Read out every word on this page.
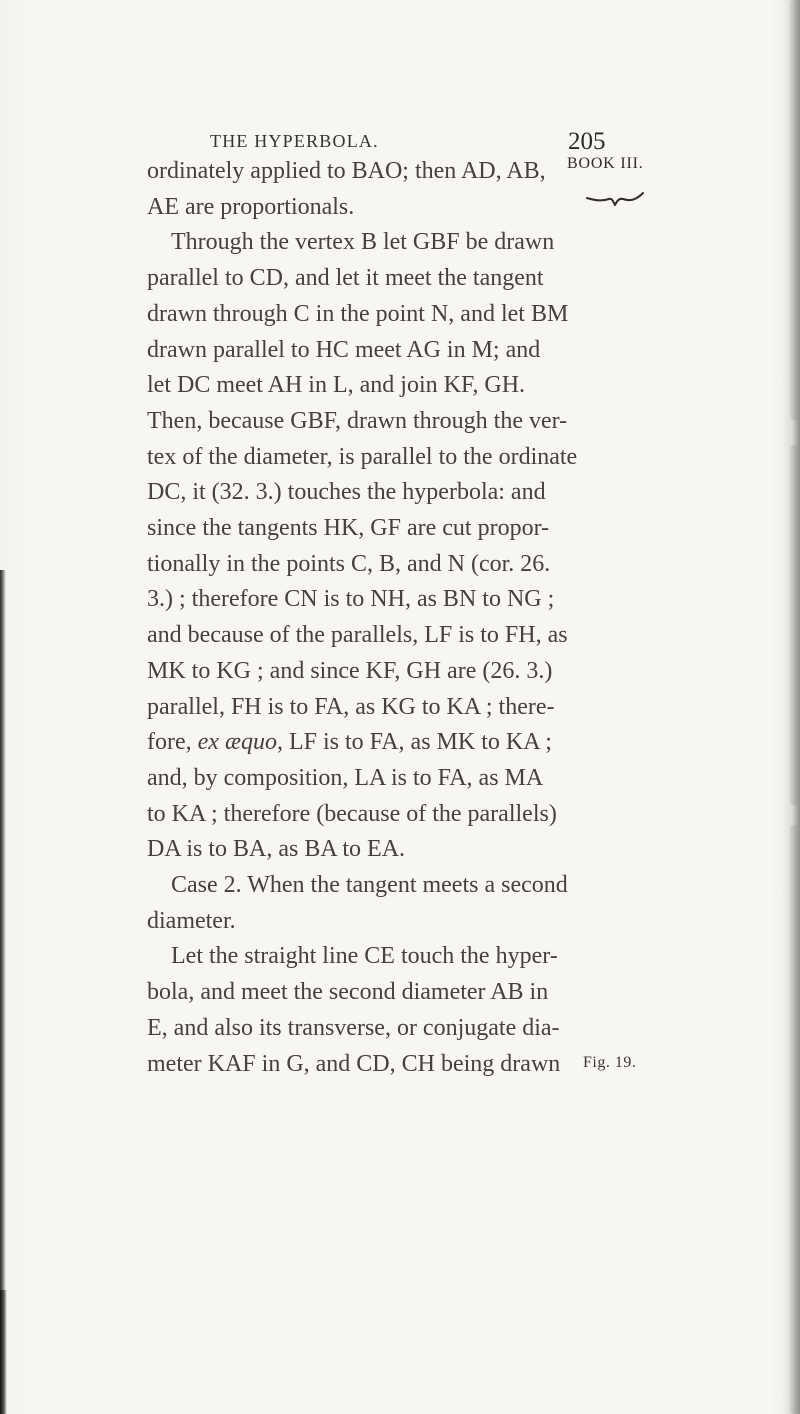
THE HYPERBOLA.	205
BOOK III.
ordinately applied to BAO; then AD, AB,
AE are proportionals.
Through the vertex B let GBF be drawn
parallel to CD, and let it meet the tangent
drawn through C in the point N, and let BM
drawn parallel to HC meet AG in M; and
let DC meet AH in L, and join KF, GH.
Then, because GBF, drawn through the ver-
tex of the diameter, is parallel to the ordinate
DC, it (32. 3.) touches the hyperbola: and
since the tangents HK, GF are cut propor-
tionally in the points C, B, and N (cor. 26.
3.) ; therefore CN is to NH, as BN to NG ;
and because of the parallels, LF is to FH, as
MK to KG ; and since KF, GH are (26. 3.)
parallel, FH is to FA, as KG to KA ; there-
fore, ex æquo, LF is to FA, as MK to KA ;
and, by composition, LA is to FA, as MA
to KA ; therefore (because of the parallels)
DA is to BA, as BA to EA.
Case 2. When the tangent meets a second
diameter.
Let the straight line CE touch the hyper-
bola, and meet the second diameter AB in
E, and also its transverse, or conjugate dia-
meter KAF in G, and CD, CH being drawn	Fig. 19.
